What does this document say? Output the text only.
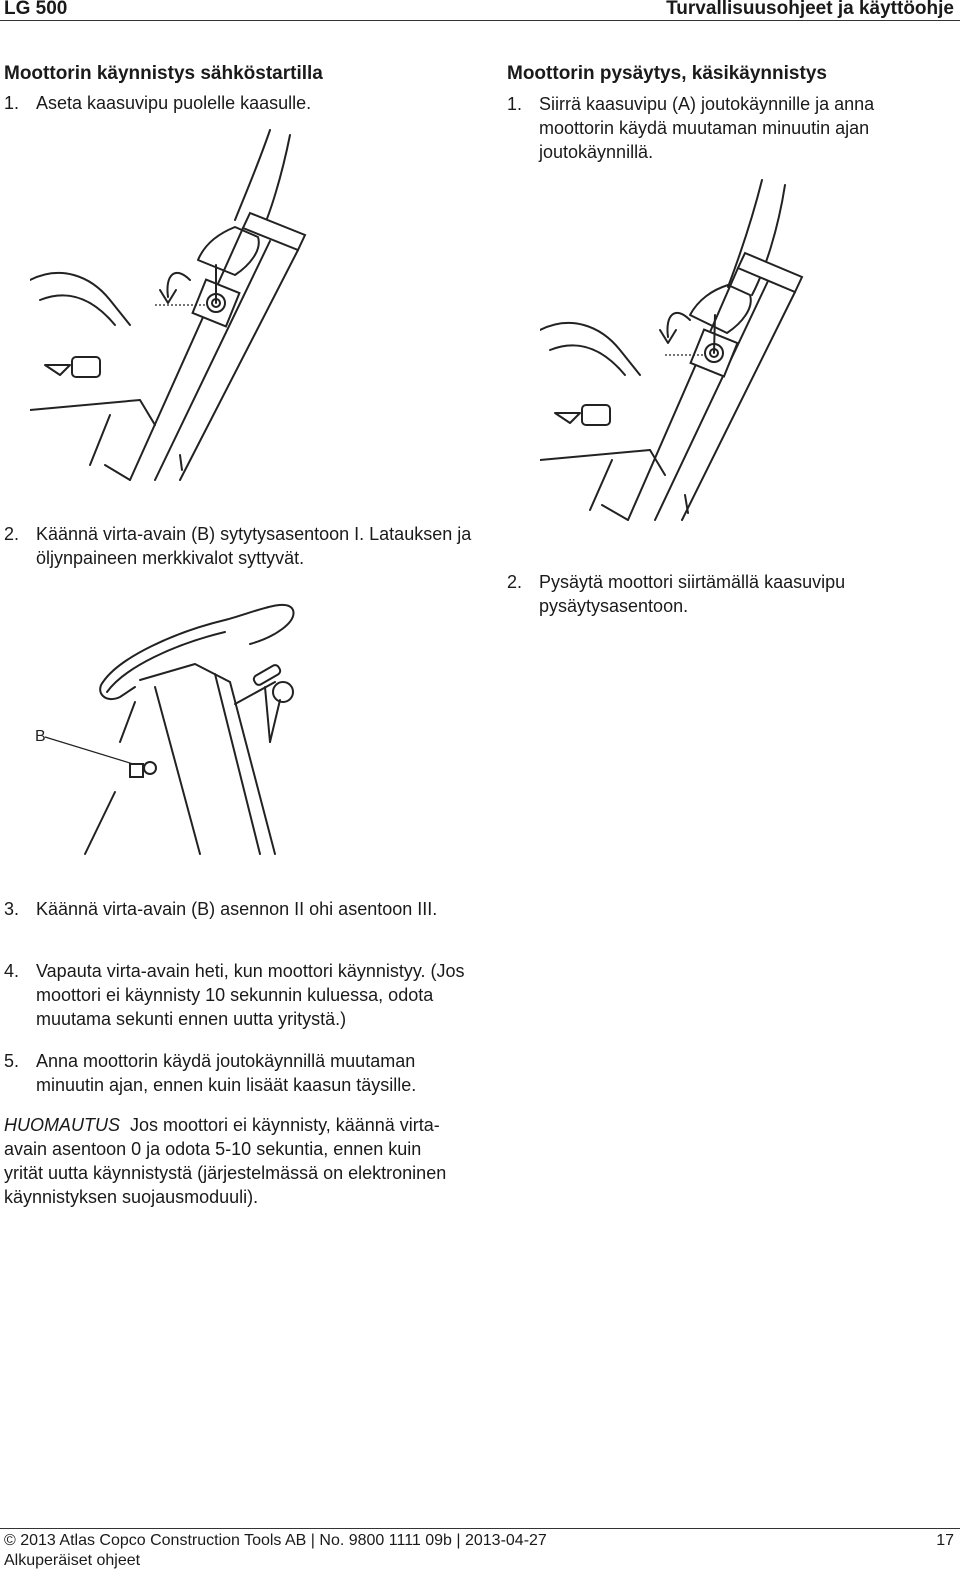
LG 500	Turvallisuusohjeet ja käyttöohje
Moottorin käynnistys sähköstartilla
1. Aseta kaasuvipu puolelle kaasulle.
2. Käännä virta-avain (B) sytytysasentoon I. Latauksen ja öljynpaineen merkkivalot syttyvät.
B
3. Käännä virta-avain (B) asennon II ohi asentoon III.
4. Vapauta virta-avain heti, kun moottori käynnistyy. (Jos moottori ei käynnisty 10 sekunnin kuluessa, odota muutama sekunti ennen uutta yritystä.)
5. Anna moottorin käydä joutokäynnillä muutaman minuutin ajan, ennen kuin lisäät kaasun täysille.
HUOMAUTUS Jos moottori ei käynnisty, käännä virta-avain asentoon 0 ja odota 5-10 sekuntia, ennen kuin yrität uutta käynnistystä (järjestelmässä on elektroninen käynnistyksen suojausmoduuli).
Moottorin pysäytys, käsikäynnistys
1. Siirrä kaasuvipu (A) joutokäynnille ja anna moottorin käydä muutaman minuutin ajan joutokäynnillä.
2. Pysäytä moottori siirtämällä kaasuvipu pysäytysasentoon.
© 2013 Atlas Copco Construction Tools AB | No. 9800 1111 09b | 2013-04-27	17
Alkuperäiset ohjeet
